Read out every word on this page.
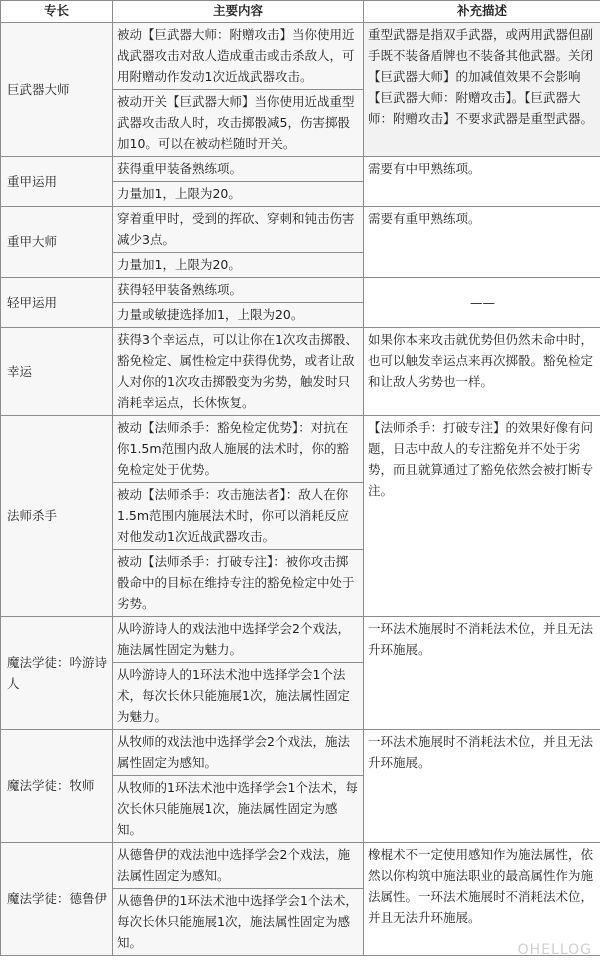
专长	主要内容	补充描述
巨武器大师	被动【巨武器大师：附赠攻击】当你使用近战武器攻击对敌人造成重击或击杀敌人，可用附赠动作发动1次近战武器攻击。	重型武器是指双手武器，或两用武器但副手既不装备盾牌也不装备其他武器。关闭【巨武器大师】的加减值效果不会影响【巨武器大师：附赠攻击】。【巨武器大师：附赠攻击】不要求武器是重型武器。
	被动开关【巨武器大师】当你使用近战重型武器攻击敌人时，攻击掷骰减5，伤害掷骰加10。可以在被动栏随时开关。	
重甲运用	获得重甲装备熟练项。	需要有中甲熟练项。
	力量加1，上限为20。	
重甲大师	穿着重甲时，受到的挥砍、穿刺和钝击伤害减少3点。	需要有重甲熟练项。
	力量加1，上限为20。	
轻甲运用	获得轻甲装备熟练项。	——
	力量或敏捷选择加1，上限为20。	
幸运	获得3个幸运点，可以让你在1次攻击掷骰、豁免检定、属性检定中获得优势，或者让敌人对你的1次攻击掷骰变为劣势，触发时只消耗幸运点，长休恢复。	如果你本来攻击就优势但仍然未命中时，也可以触发幸运点来再次掷骰。豁免检定和让敌人劣势也一样。
法师杀手	被动【法师杀手：豁免检定优势】：对抗在你1.5m范围内敌人施展的法术时，你的豁免检定处于优势。	【法师杀手：打破专注】的效果好像有问题，日志中敌人的专注豁免并不处于劣势，而且就算通过了豁免依然会被打断专注。
	被动【法师杀手：攻击施法者】：敌人在你1.5m范围内施展法术时，你可以消耗反应对他发动1次近战武器攻击。	
	被动【法师杀手：打破专注】：被你攻击掷骰命中的目标在维持专注的豁免检定中处于劣势。	
魔法学徒：吟游诗人	从吟游诗人的戏法池中选择学会2个戏法，施法属性固定为魅力。	一环法术施展时不消耗法术位，并且无法升环施展。
	从吟游诗人的1环法术池中选择学会1个法术，每次长休只能施展1次，施法属性固定为魅力。	
魔法学徒：牧师	从牧师的戏法池中选择学会2个戏法，施法属性固定为感知。	一环法术施展时不消耗法术位，并且无法升环施展。
	从牧师的1环法术池中选择学会1个法术，每次长休只能施展1次，施法属性固定为感知。	
魔法学徒：德鲁伊	从德鲁伊的戏法池中选择学会2个戏法，施法属性固定为感知。	橡棍术不一定使用感知作为施法属性，依然以你构筑中施法职业的最高属性作为施法属性。一环法术施展时不消耗法术位，并且无法升环施展。
	从德鲁伊的1环法术池中选择学会1个法术，每次长休只能施展1次，施法属性固定为感知。		OHELLOG
